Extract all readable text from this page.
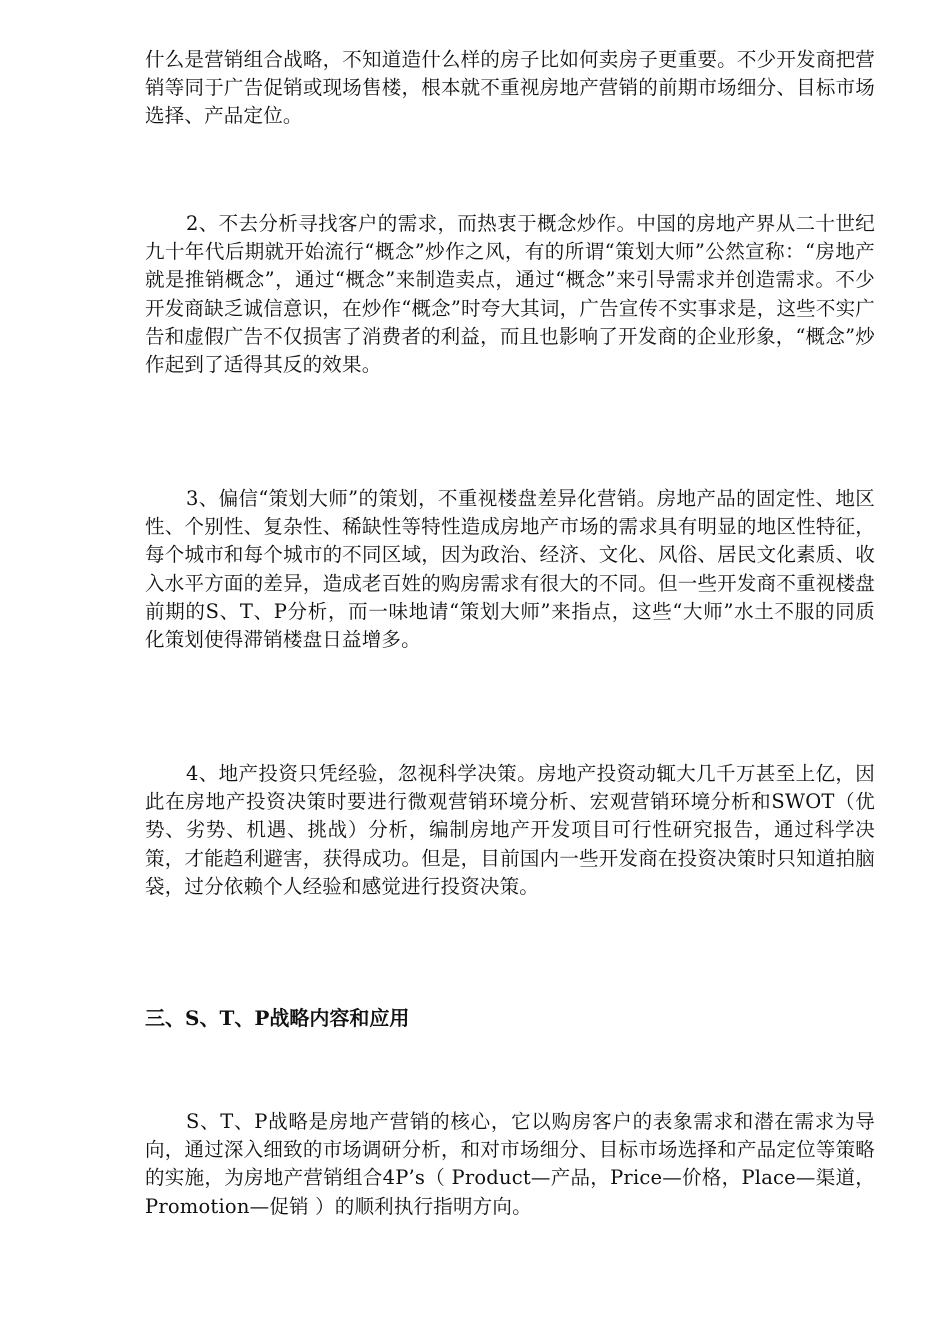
什么是营销组合战略，不知道造什么样的房子比如何卖房子更重要。不少开发商把营销等同于广告促销或现场售楼，根本就不重视房地产营销的前期市场细分、目标市场选择、产品定位。

2、不去分析寻找客户的需求，而热衷于概念炒作。中国的房地产界从二十世纪九十年代后期就开始流行“概念”炒作之风，有的所谓“策划大师”公然宣称：“房地产就是推销概念”，通过“概念”来制造卖点，通过“概念”来引导需求并创造需求。不少开发商缺乏诚信意识，在炒作“概念”时夸大其词，广告宣传不实事求是，这些不实广告和虚假广告不仅损害了消费者的利益，而且也影响了开发商的企业形象，“概念”炒作起到了适得其反的效果。

3、偏信“策划大师”的策划，不重视楼盘差异化营销。房地产品的固定性、地区性、个别性、复杂性、稀缺性等特性造成房地产市场的需求具有明显的地区性特征，每个城市和每个城市的不同区域，因为政治、经济、文化、风俗、居民文化素质、收入水平方面的差异，造成老百姓的购房需求有很大的不同。但一些开发商不重视楼盘前期的S、T、P分析，而一味地请“策划大师”来指点，这些“大师”水土不服的同质化策划使得滞销楼盘日益增多。

4、地产投资只凭经验，忽视科学决策。房地产投资动辄大几千万甚至上亿，因此在房地产投资决策时要进行微观营销环境分析、宏观营销环境分析和SWOT（优势、劣势、机遇、挑战）分析，编制房地产开发项目可行性研究报告，通过科学决策，才能趋利避害，获得成功。但是，目前国内一些开发商在投资决策时只知道拍脑袋，过分依赖个人经验和感觉进行投资决策。

三、S、T、P战略内容和应用

S、T、P战略是房地产营销的核心，它以购房客户的表象需求和潜在需求为导向，通过深入细致的市场调研分析，和对市场细分、目标市场选择和产品定位等策略的实施，为房地产营销组合4P’s（ Product—产品，Price—价格，Place—渠道，Promotion—促销 ）的顺利执行指明方向。
